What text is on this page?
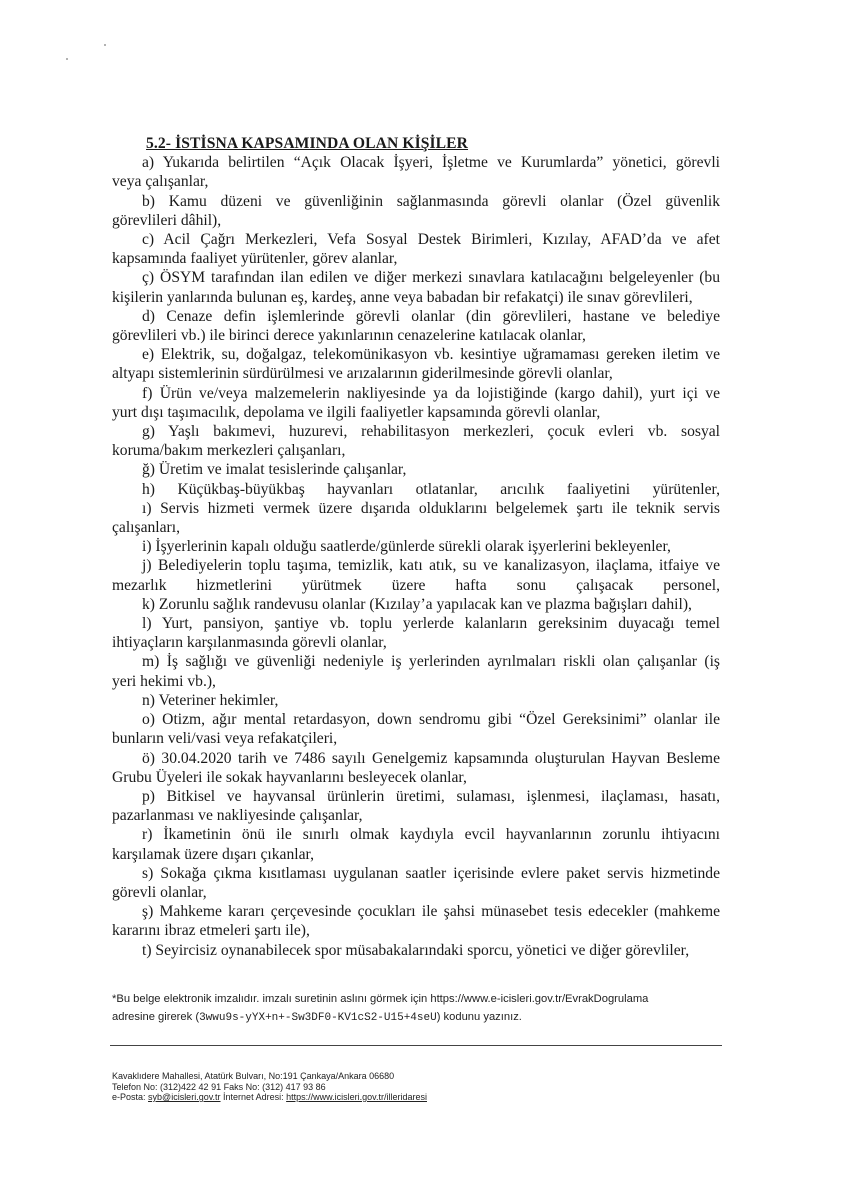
5.2- İSTİSNA KAPSAMINDA OLAN KİŞİLER

a) Yukarıda belirtilen “Açık Olacak İşyeri, İşletme ve Kurumlarda” yönetici, görevli

veya çalışanlar,

b) Kamu düzeni ve güvenliğinin sağlanmasında görevli olanlar (Özel güvenlik

görevlileri dâhil),

c) Acil Çağrı Merkezleri, Vefa Sosyal Destek Birimleri, Kızılay, AFAD’da ve afet

kapsamında faaliyet yürütenler, görev alanlar,

ç) ÖSYM tarafından ilan edilen ve diğer merkezi sınavlara katılacağını belgeleyenler (bu

kişilerin yanlarında bulunan eş, kardeş, anne veya babadan bir refakatçi) ile sınav görevlileri,

d) Cenaze defin işlemlerinde görevli olanlar (din görevlileri, hastane ve belediye

görevlileri vb.) ile birinci derece yakınlarının cenazelerine katılacak olanlar,

e) Elektrik, su, doğalgaz, telekomünikasyon vb. kesintiye uğramaması gereken iletim ve

altyapı sistemlerinin sürdürülmesi ve arızalarının giderilmesinde görevli olanlar,

f) Ürün ve/veya malzemelerin nakliyesinde ya da lojistiğinde (kargo dahil), yurt içi ve

yurt dışı taşımacılık, depolama ve ilgili faaliyetler kapsamında görevli olanlar,

g) Yaşlı bakımevi, huzurevi, rehabilitasyon merkezleri, çocuk evleri vb. sosyal

koruma/bakım merkezleri çalışanları,

ğ) Üretim ve imalat tesislerinde çalışanlar,

h) Küçükbaş-büyükbaş hayvanları otlatanlar, arıcılık faaliyetini yürütenler,

ı) Servis hizmeti vermek üzere dışarıda olduklarını belgelemek şartı ile teknik servis

çalışanları,

i) İşyerlerinin kapalı olduğu saatlerde/günlerde sürekli olarak işyerlerini bekleyenler,

j) Belediyelerin toplu taşıma, temizlik, katı atık, su ve kanalizasyon, ilaçlama, itfaiye ve

mezarlık hizmetlerini yürütmek üzere hafta sonu çalışacak personel,

k) Zorunlu sağlık randevusu olanlar (Kızılay’a yapılacak kan ve plazma bağışları dahil),

l) Yurt, pansiyon, şantiye vb. toplu yerlerde kalanların gereksinim duyacağı temel

ihtiyaçların karşılanmasında görevli olanlar,

m) İş sağlığı ve güvenliği nedeniyle iş yerlerinden ayrılmaları riskli olan çalışanlar (iş

yeri hekimi vb.),

n) Veteriner hekimler,

o) Otizm, ağır mental retardasyon, down sendromu gibi “Özel Gereksinimi” olanlar ile

bunların veli/vasi veya refakatçileri,

ö) 30.04.2020 tarih ve 7486 sayılı Genelgemiz kapsamında oluşturulan Hayvan Besleme

Grubu Üyeleri ile sokak hayvanlarını besleyecek olanlar,

p) Bitkisel ve hayvansal ürünlerin üretimi, sulaması, işlenmesi, ilaçlaması, hasatı,

pazarlanması ve nakliyesinde çalışanlar,

r) İkametinin önü ile sınırlı olmak kaydıyla evcil hayvanlarının zorunlu ihtiyacını

karşılamak üzere dışarı çıkanlar,

s) Sokağa çıkma kısıtlaması uygulanan saatler içerisinde evlere paket servis hizmetinde

görevli olanlar,

ş) Mahkeme kararı çerçevesinde çocukları ile şahsi münasebet tesis edecekler (mahkeme

kararını ibraz etmeleri şartı ile),

t) Seyircisiz oynanabilecek spor müsabakalarındaki sporcu, yönetici ve diğer görevliler,

*Bu belge elektronik imzalıdır. imzalı suretinin aslını görmek için https://www.e-icisleri.gov.tr/EvrakDogrulama
adresine girerek (3wwu9s-yYX+n+-Sw3DF0-KV1cS2-U15+4seU) kodunu yazınız.
Kavaklıdere Mahallesi, Atatürk Bulvarı, No:191 Çankaya/Ankara 06680
Telefon No: (312)422 42 91 Faks No: (312) 417 93 86
e-Posta: syb@icisleri.gov.tr İnternet Adresi: https://www.icisleri.gov.tr/illeridaresi
